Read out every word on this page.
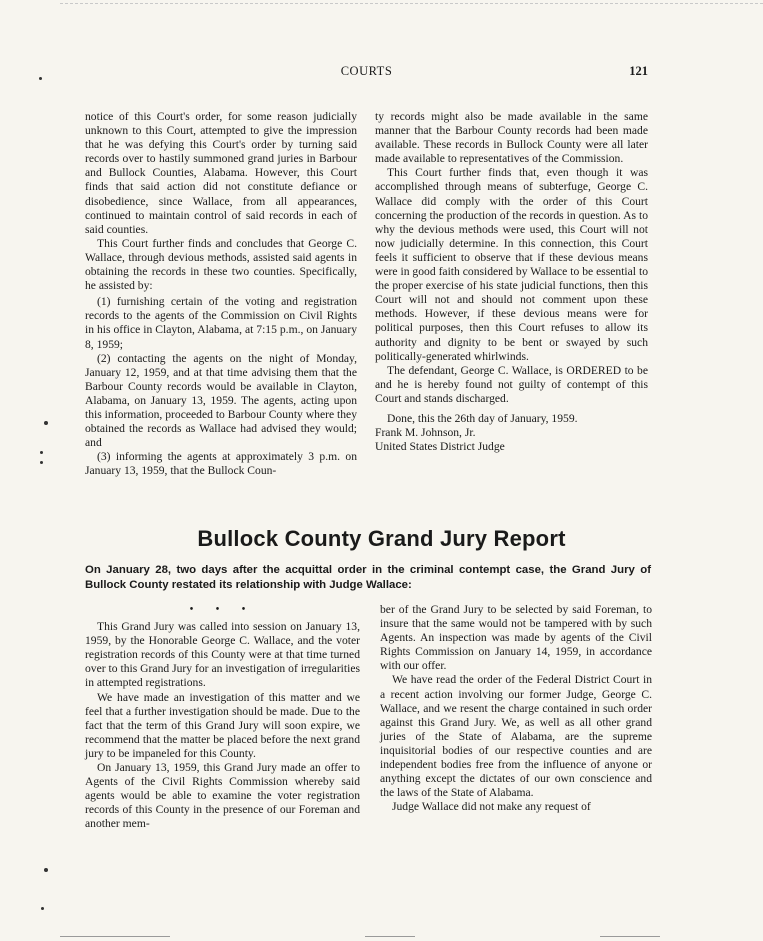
COURTS	121

notice of this Court's order, for some reason judicially unknown to this Court, attempted to give the impression that he was defying this Court's order by turning said records over to hastily summoned grand juries in Barbour and Bullock Counties, Alabama. However, this Court finds that said action did not constitute defiance or disobedience, since Wallace, from all appearances, continued to maintain control of said records in each of said counties.

This Court further finds and concludes that George C. Wallace, through devious methods, assisted said agents in obtaining the records in these two counties. Specifically, he assisted by:

(1) furnishing certain of the voting and registration records to the agents of the Commission on Civil Rights in his office in Clayton, Alabama, at 7:15 p.m., on January 8, 1959;

(2) contacting the agents on the night of Monday, January 12, 1959, and at that time advising them that the Barbour County records would be available in Clayton, Alabama, on January 13, 1959. The agents, acting upon this information, proceeded to Barbour County where they obtained the records as Wallace had advised they would; and

(3) informing the agents at approximately 3 p.m. on January 13, 1959, that the Bullock Coun-

ty records might also be made available in the same manner that the Barbour County records had been made available. These records in Bullock County were all later made available to representatives of the Commission.

This Court further finds that, even though it was accomplished through means of subterfuge, George C. Wallace did comply with the order of this Court concerning the production of the records in question. As to why the devious methods were used, this Court will not now judicially determine. In this connection, this Court feels it sufficient to observe that if these devious means were in good faith considered by Wallace to be essential to the proper exercise of his state judicial functions, then this Court will not and should not comment upon these methods. However, if these devious means were for political purposes, then this Court refuses to allow its authority and dignity to be bent or swayed by such politically-generated whirlwinds.

The defendant, George C. Wallace, is ORDERED to be and he is hereby found not guilty of contempt of this Court and stands discharged.

Done, this the 26th day of January, 1959.

Frank M. Johnson, Jr.

United States District Judge

Bullock County Grand Jury Report
On January 28, two days after the acquittal order in the criminal contempt case, the Grand Jury of Bullock County restated its relationship with Judge Wallace:
• • •

This Grand Jury was called into session on January 13, 1959, by the Honorable George C. Wallace, and the voter registration records of this County were at that time turned over to this Grand Jury for an investigation of irregularities in attempted registrations.

We have made an investigation of this matter and we feel that a further investigation should be made. Due to the fact that the term of this Grand Jury will soon expire, we recommend that the matter be placed before the next grand jury to be impaneled for this County.

On January 13, 1959, this Grand Jury made an offer to Agents of the Civil Rights Commission whereby said agents would be able to examine the voter registration records of this County in the presence of our Foreman and another mem-

ber of the Grand Jury to be selected by said Foreman, to insure that the same would not be tampered with by such Agents. An inspection was made by agents of the Civil Rights Commission on January 14, 1959, in accordance with our offer.

We have read the order of the Federal District Court in a recent action involving our former Judge, George C. Wallace, and we resent the charge contained in such order against this Grand Jury. We, as well as all other grand juries of the State of Alabama, are the supreme inquisitorial bodies of our respective counties and are independent bodies free from the influence of anyone or anything except the dictates of our own conscience and the laws of the State of Alabama.

Judge Wallace did not make any request of
